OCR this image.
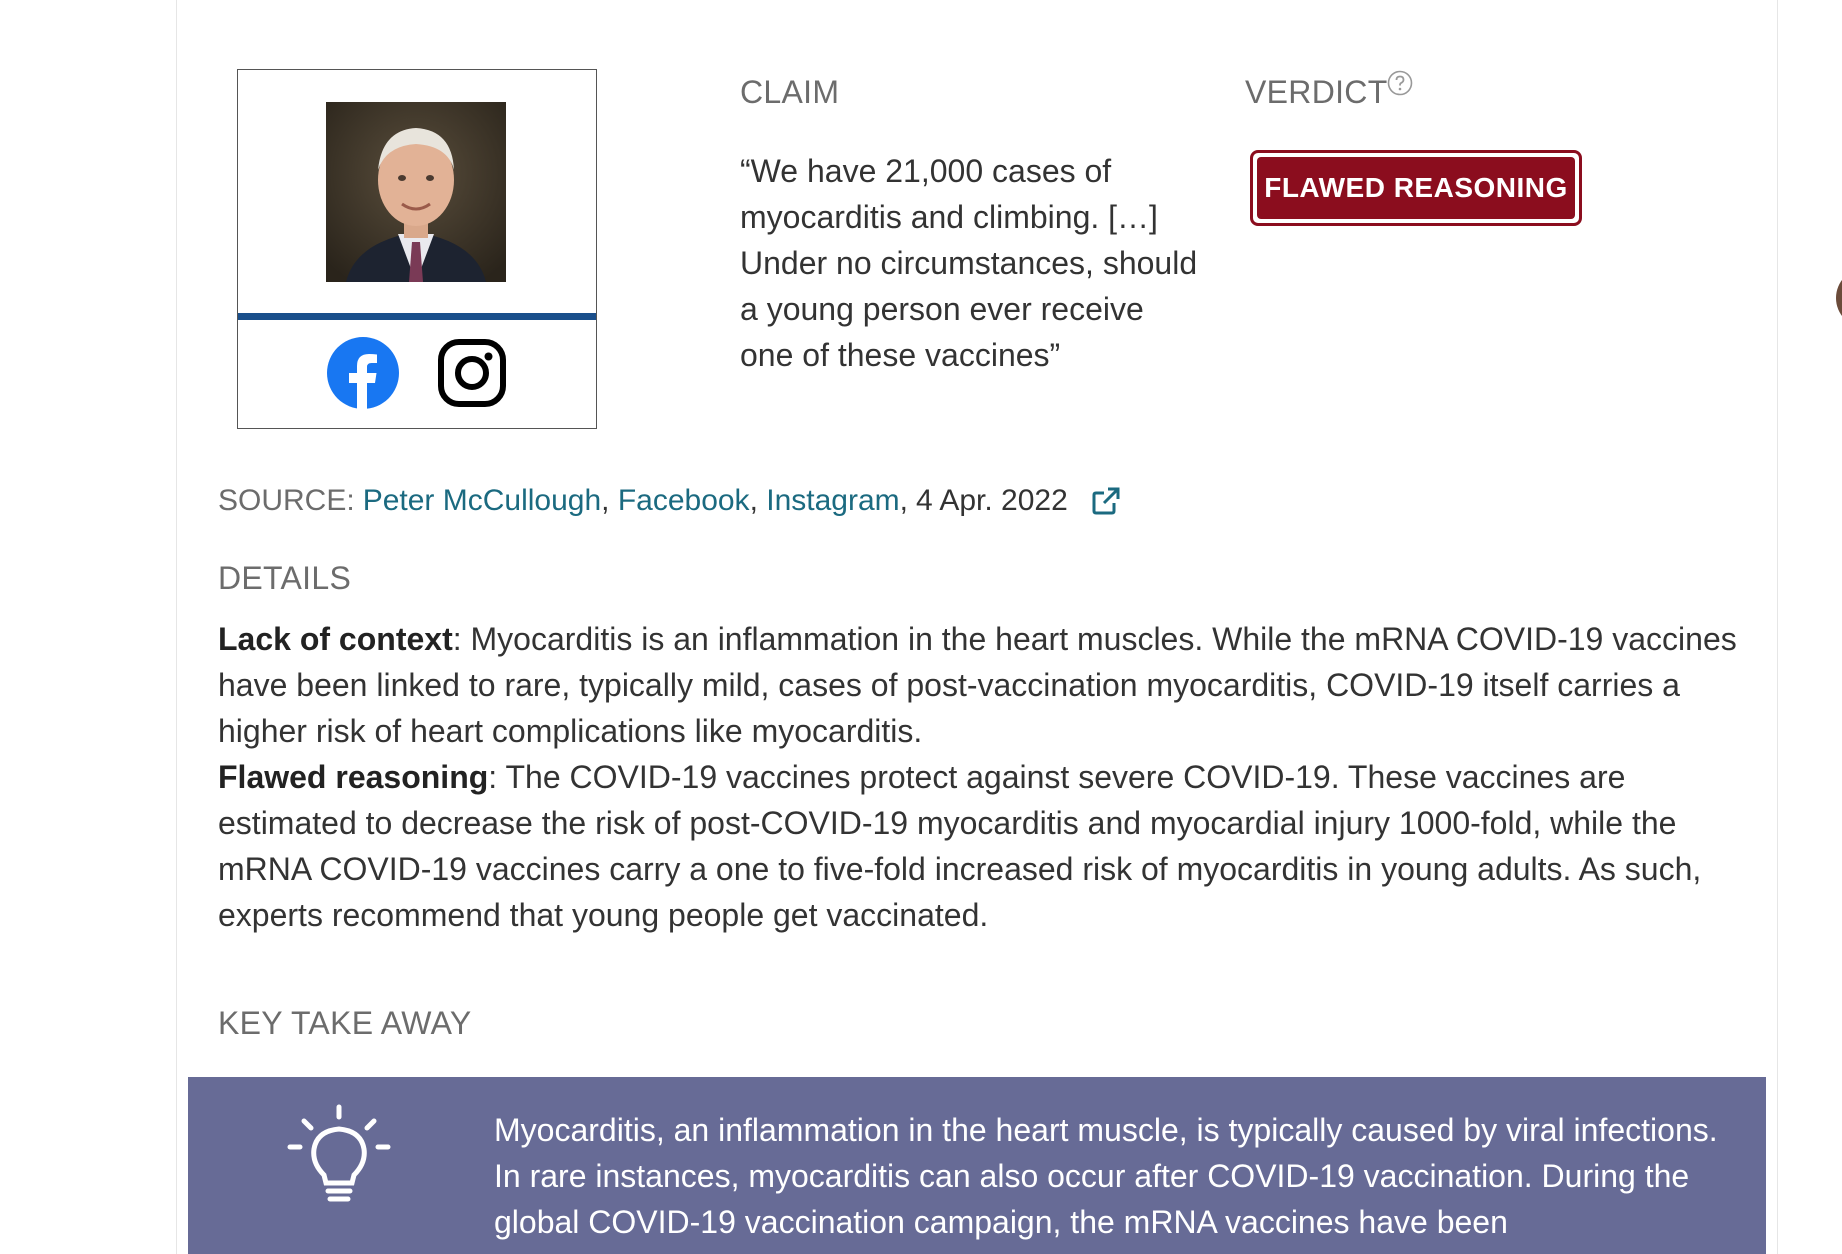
CLAIM
“We have 21,000 cases of myocarditis and climbing. […] Under no circumstances, should a young person ever receive one of these vaccines”
VERDICT
FLAWED REASONING
SOURCE: Peter McCullough , Facebook , Instagram , 4 Apr. 2022
DETAILS
Lack of context: Myocarditis is an inflammation in the heart muscles. While the mRNA COVID-19 vaccines have been linked to rare, typically mild, cases of post-vaccination myocarditis, COVID-19 itself carries a higher risk of heart complications like myocarditis.
Flawed reasoning: The COVID-19 vaccines protect against severe COVID-19. These vaccines are estimated to decrease the risk of post-COVID-19 myocarditis and myocardial injury 1000-fold, while the mRNA COVID-19 vaccines carry a one to five-fold increased risk of myocarditis in young adults. As such, experts recommend that young people get vaccinated.
KEY TAKE AWAY
Myocarditis, an inflammation in the heart muscle, is typically caused by viral infections. In rare instances, myocarditis can also occur after COVID-19 vaccination. During the global COVID-19 vaccination campaign, the mRNA vaccines have been
